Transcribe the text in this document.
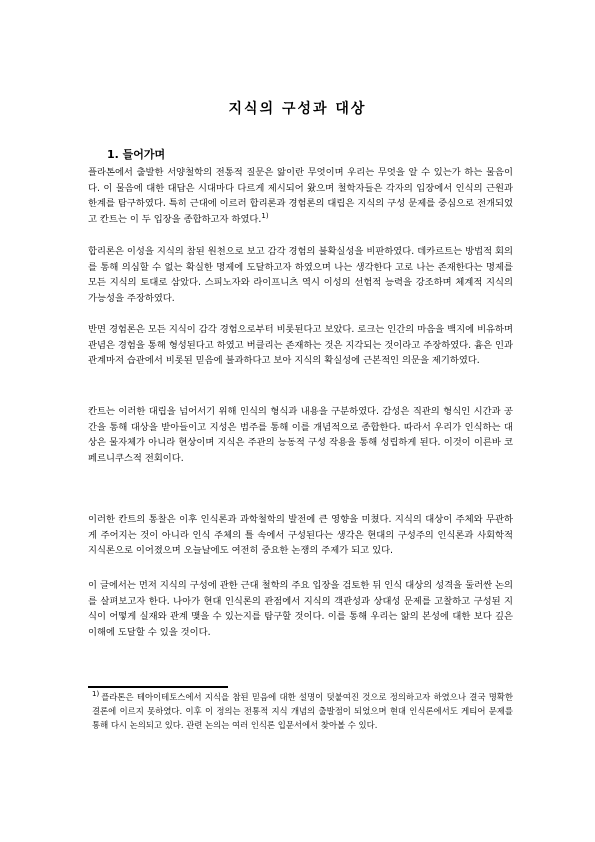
지식의 구성과 대상
1. 들어가며

플라톤에서 출발한 서양철학의 전통적 질문은 앎이란 무엇이며 우리는 무엇을 알 수 있는가 하는 물음이다. 이 물음에 대한 대답은 시대마다 다르게 제시되어 왔으며 철학자들은 각자의 입장에서 인식의 근원과 한계를 탐구하였다. 특히 근대에 이르러 합리론과 경험론의 대립은 지식의 구성 문제를 중심으로 전개되었고 칸트는 이 두 입장을 종합하고자 하였다.$^{1)}$

합리론은 이성을 지식의 참된 원천으로 보고 감각 경험의 불확실성을 비판하였다. 데카르트는 방법적 회의를 통해 의심할 수 없는 확실한 명제에 도달하고자 하였으며 나는 생각한다 고로 나는 존재한다는 명제를 모든 지식의 토대로 삼았다. 스피노자와 라이프니츠 역시 이성의 선험적 능력을 강조하며 체계적 지식의 가능성을 주장하였다.

반면 경험론은 모든 지식이 감각 경험으로부터 비롯된다고 보았다. 로크는 인간의 마음을 백지에 비유하며 관념은 경험을 통해 형성된다고 하였고 버클리는 존재하는 것은 지각되는 것이라고 주장하였다. 흄은 인과관계마저 습관에서 비롯된 믿음에 불과하다고 보아 지식의 확실성에 근본적인 의문을 제기하였다.

칸트는 이러한 대립을 넘어서기 위해 인식의 형식과 내용을 구분하였다. 감성은 직관의 형식인 시간과 공간을 통해 대상을 받아들이고 지성은 범주를 통해 이를 개념적으로 종합한다. 따라서 우리가 인식하는 대상은 물자체가 아니라 현상이며 지식은 주관의 능동적 구성 작용을 통해 성립하게 된다. 이것이 이른바 코페르니쿠스적 전회이다.

이러한 칸트의 통찰은 이후 인식론과 과학철학의 발전에 큰 영향을 미쳤다. 지식의 대상이 주체와 무관하게 주어지는 것이 아니라 인식 주체의 틀 속에서 구성된다는 생각은 현대의 구성주의 인식론과 사회학적 지식론으로 이어졌으며 오늘날에도 여전히 중요한 논쟁의 주제가 되고 있다.

이 글에서는 먼저 지식의 구성에 관한 근대 철학의 주요 입장을 검토한 뒤 인식 대상의 성격을 둘러싼 논의를 살펴보고자 한다. 나아가 현대 인식론의 관점에서 지식의 객관성과 상대성 문제를 고찰하고 구성된 지식이 어떻게 실재와 관계 맺을 수 있는지를 탐구할 것이다. 이를 통해 우리는 앎의 본성에 대한 보다 깊은 이해에 도달할 수 있을 것이다.

$^{1)}$ 플라톤은 테아이테토스에서 지식을 참된 믿음에 대한 설명이 덧붙여진 것으로 정의하고자 하였으나 결국 명확한 결론에 이르지 못하였다. 이후 이 정의는 전통적 지식 개념의 출발점이 되었으며 현대 인식론에서도 게티어 문제를 통해 다시 논의되고 있다. 관련 논의는 여러 인식론 입문서에서 찾아볼 수 있다.
